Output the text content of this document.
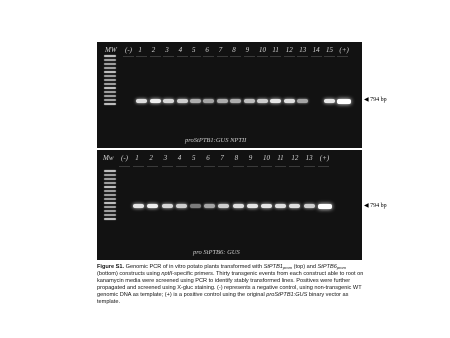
MW (-) 1 2 3 4 5 6 7 8 9 10 11 12 13 14 15 (+)
proStPTB1:GUS NPTII
◀ 794 bp
Mw (-) 1 2 3 4 5 6 7 8 9 10 11 12 13 (+)
pro StPTB6: GUS
◀ 794 bp
Figure S1. Genomic PCR of in vitro potato plants transformed with $StPTB1_{prom}$ (top) and $StPTB6_{prom}$ (bottom) constructs using nptII-specific primers. Thirty transgenic events from each construct able to root on kanamycin media were screened using PCR to identify stably transformed lines. Positives were further propagated and screened using X-gluc staining. (-) represents a negative control, using non-transgenic WT genomic DNA as template; (+) is a positive control using the original proStPTB1:GUS binary vector as template.
